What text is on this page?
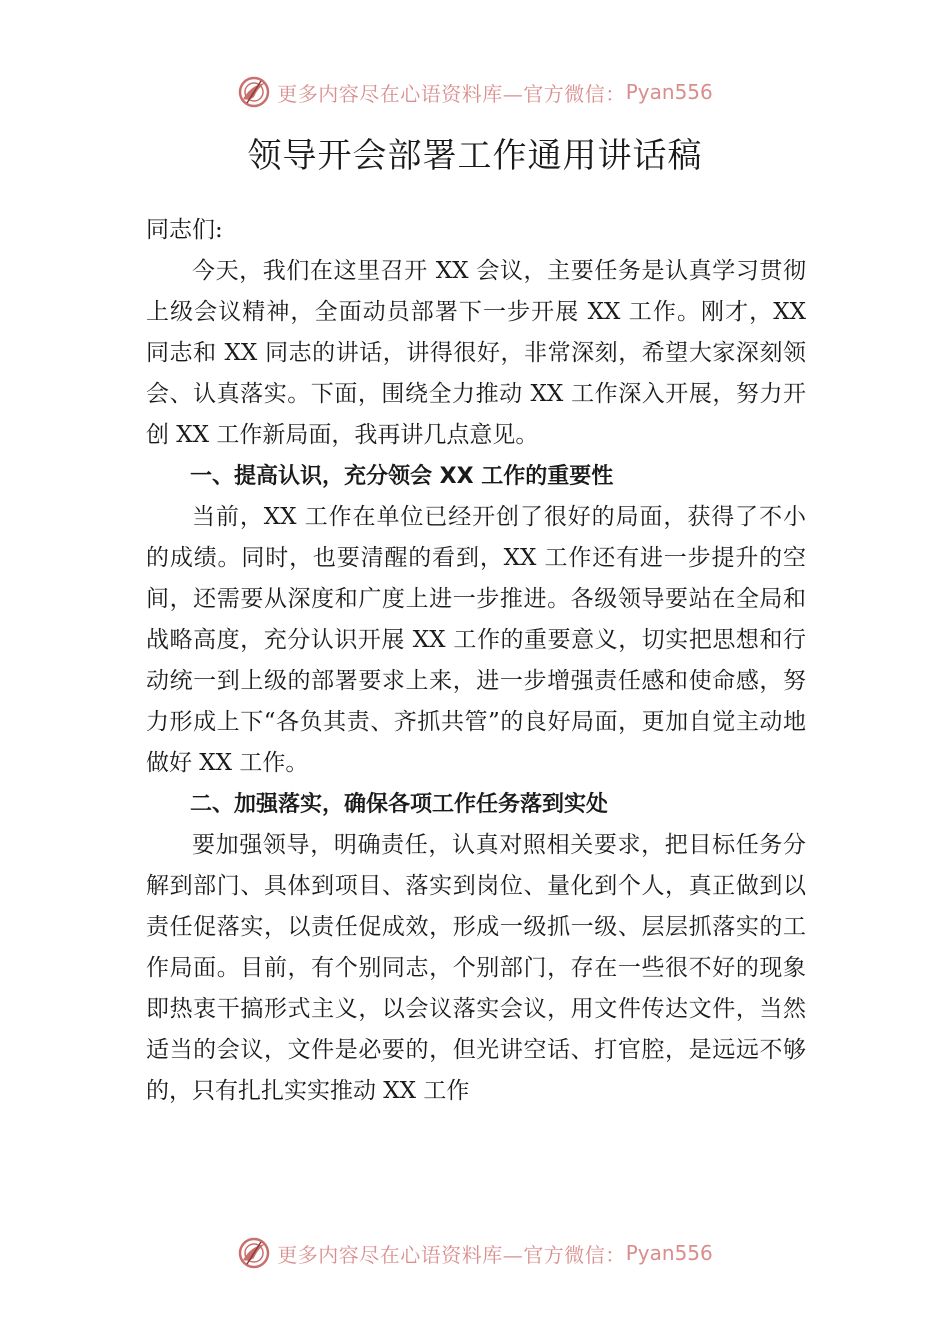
更多内容尽在心语资料库—官方微信： Pyan556
领导开会部署工作通用讲话稿

同志们:

今天，我们在这里召开 XX 会议，主要任务是认真学习贯彻上级会议精神，全面动员部署下一步开展 XX 工作。刚才，XX 同志和 XX 同志的讲话，讲得很好，非常深刻，希望大家深刻领会、认真落实。下面，围绕全力推动 XX 工作深入开展，努力开创 XX 工作新局面，我再讲几点意见。

一、提高认识，充分领会 XX 工作的重要性

当前，XX 工作在单位已经开创了很好的局面，获得了不小的成绩。同时，也要清醒的看到，XX 工作还有进一步提升的空间，还需要从深度和广度上进一步推进。各级领导要站在全局和战略高度，充分认识开展 XX 工作的重要意义，切实把思想和行动统一到上级的部署要求上来，进一步增强责任感和使命感，努力形成上下“各负其责、齐抓共管”的良好局面，更加自觉主动地做好 XX 工作。

二、加强落实，确保各项工作任务落到实处

要加强领导，明确责任，认真对照相关要求，把目标任务分解到部门、具体到项目、落实到岗位、量化到个人，真正做到以责任促落实，以责任促成效，形成一级抓一级、层层抓落实的工作局面。目前，有个别同志，个别部门，存在一些很不好的现象即热衷干搞形式主义，以会议落实会议，用文件传达文件，当然适当的会议，文件是必要的，但光讲空话、打官腔，是远远不够的，只有扎扎实实推动 XX 工作

更多内容尽在心语资料库—官方微信： Pyan556
